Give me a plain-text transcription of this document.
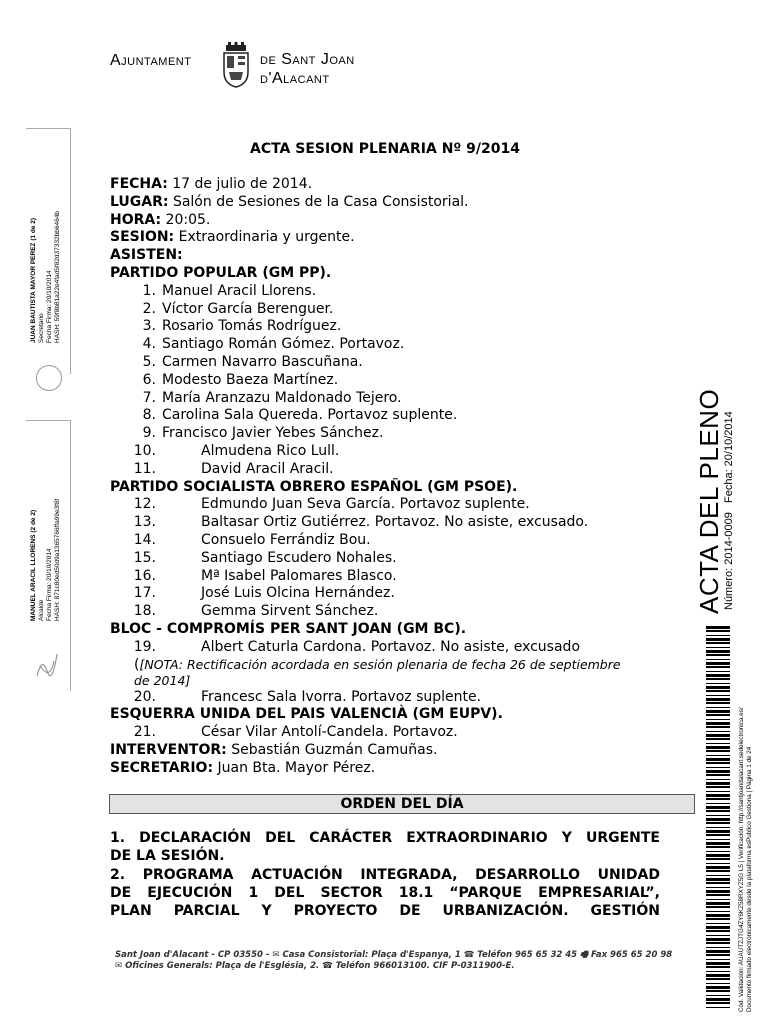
Ajuntament	de Sant Joan
d'Alacant
JUAN BAUTISTA MAYOR PEREZ (1 de 2) Secretario Fecha Firma: 20/10/2014 HASH: 59f8b81a22e4fad5f82d37332bb6464b
MANUEL ARACIL LLORENS (2 de 2) Alcalde Fecha Firma: 20/10/2014 HASH: 871c80ed50d9a1365766ffa99e3f8f
ACTA SESION PLENARIA Nº 9/2014
FECHA: 17 de julio de 2014.
LUGAR: Salón de Sesiones de la Casa Consistorial.
HORA: 20:05.
SESION: Extraordinaria y urgente.
ASISTEN:
PARTIDO POPULAR (GM PP).
1. Manuel Aracil Llorens.
2. Víctor García Berenguer.
3. Rosario Tomás Rodríguez.
4. Santiago Román Gómez. Portavoz.
5. Carmen Navarro Bascuñana.
6. Modesto Baeza Martínez.
7. María Aranzazu Maldonado Tejero.
8. Carolina Sala Quereda. Portavoz suplente.
9. Francisco Javier Yebes Sánchez.
10.	Almudena Rico Lull.
11.	David Aracil Aracil.
PARTIDO SOCIALISTA OBRERO ESPAÑOL (GM PSOE).
12.	Edmundo Juan Seva García. Portavoz suplente.
13.	Baltasar Ortiz Gutiérrez. Portavoz. No asiste, excusado.
14.	Consuelo Ferrándiz Bou.
15.	Santiago Escudero Nohales.
16.	Mª Isabel Palomares Blasco.
17.	José Luis Olcina Hernández.
18.	Gemma Sirvent Sánchez.
BLOC - COMPROMÍS PER SANT JOAN (GM BC).
19.	Albert Caturla Cardona. Portavoz. No asiste, excusado
([NOTA: Rectificación acordada en sesión plenaria de fecha 26 de septiembre
de 2014]
20.	Francesc Sala Ivorra. Portavoz suplente.
ESQUERRA UNIDA DEL PAIS VALENCIÀ (GM EUPV).
21.	César Vilar Antolí-Candela. Portavoz.
INTERVENTOR: Sebastián Guzmán Camuñas.
SECRETARIO: Juan Bta. Mayor Pérez.
ORDEN DEL DÍA
1. DECLARACIÓN DEL CARÁCTER EXTRAORDINARIO Y URGENTE
DE LA SESIÓN.
2. PROGRAMA ACTUACIÓN INTEGRADA, DESARROLLO UNIDAD
DE EJECUCIÓN 1 DEL SECTOR 18.1 “PARQUE EMPRESARIAL”,
PLAN PARCIAL Y PROYECTO DE URBANIZACIÓN. GESTIÓN
Sant Joan d'Alacant - CP 03550 - ✉ Casa Consistorial: Plaça d'Espanya, 1 ☎ Teléfon 965 65 32 45 🖷 Fax 965 65 20 98
✉ Oficines Generals: Plaça de l'Església, 2. ☎ Teléfon 966013100. CIF P-0311900-E.
ACTA DEL PLENO Número: 2014-0009
Fecha: 20/10/2014
Cód. Validación: AUAUTZJTG4ZY6KZ58RXYZ5G L5 | Verificación: http://santjoandalacant.sedelectronica.es/ Documento firmado electrónicamente desde la plataforma esPublico Gestiona | Página 1 de 24
